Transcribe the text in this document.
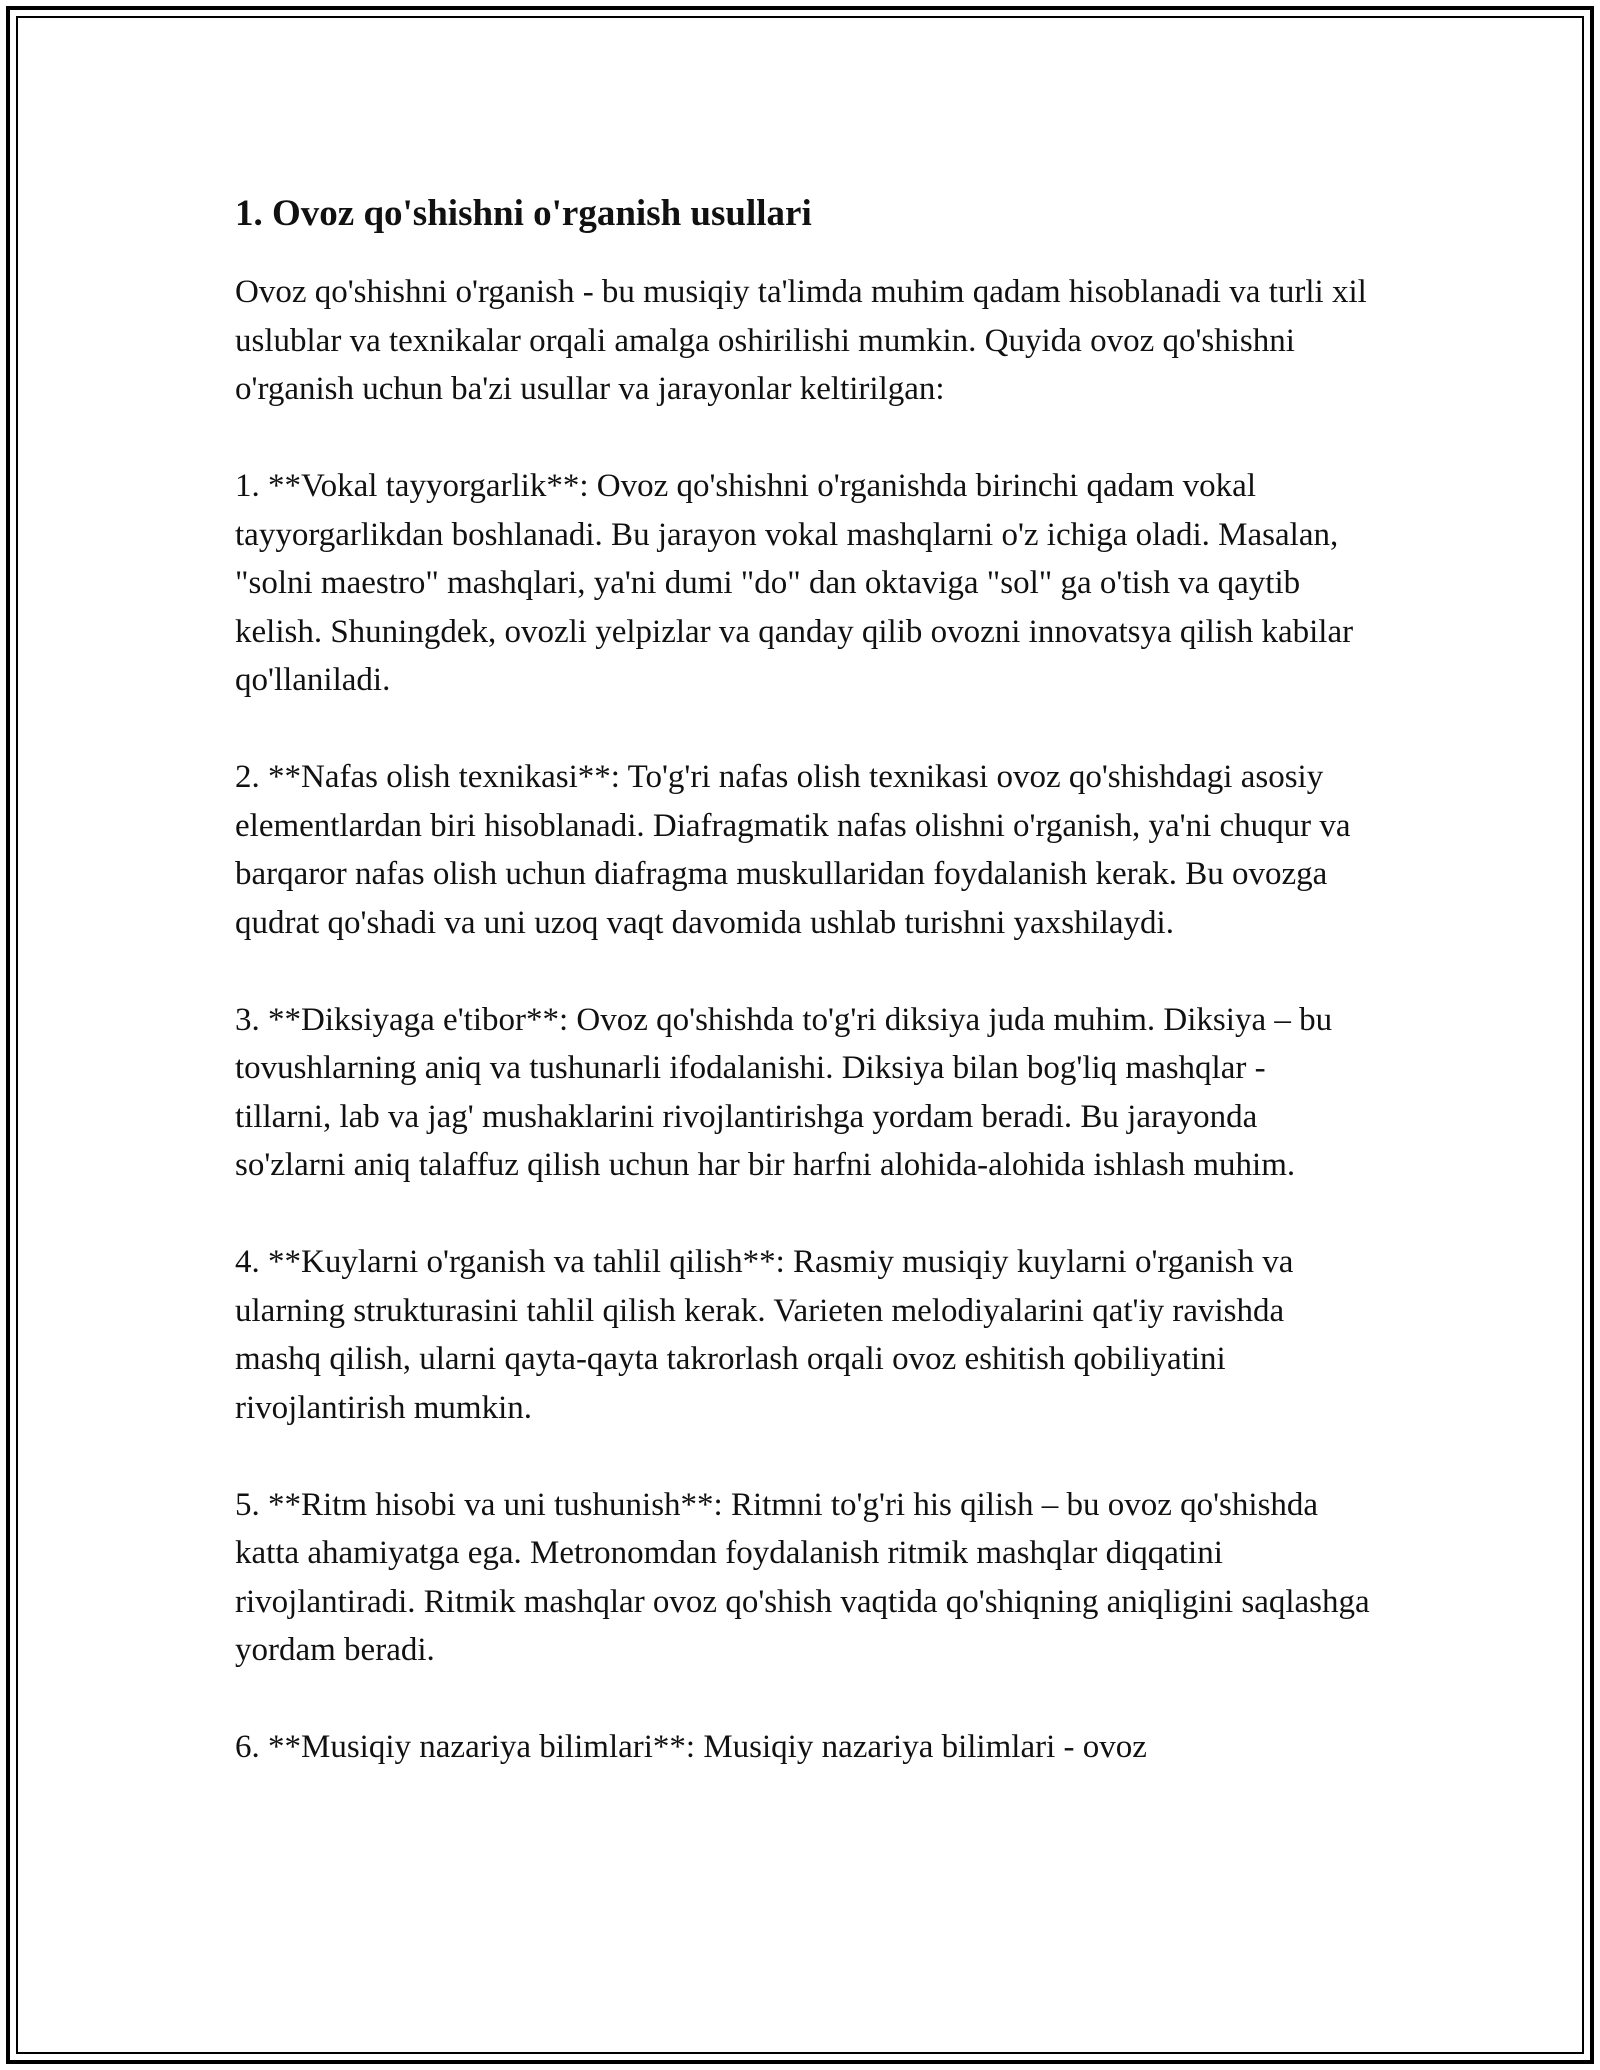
1. Ovoz qo'shishni o'rganish usullari

Ovoz qo'shishni o'rganish - bu musiqiy ta'limda muhim qadam hisoblanadi va turli xil uslublar va texnikalar orqali amalga oshirilishi mumkin. Quyida ovoz qo'shishni o'rganish uchun ba'zi usullar va jarayonlar keltirilgan:

1. **Vokal tayyorgarlik**: Ovoz qo'shishni o'rganishda birinchi qadam vokal tayyorgarlikdan boshlanadi. Bu jarayon vokal mashqlarni o'z ichiga oladi. Masalan, "solni maestro" mashqlari, ya'ni dumi "do" dan oktaviga "sol" ga o'tish va qaytib kelish. Shuningdek, ovozli yelpizlar va qanday qilib ovozni innovatsya qilish kabilar qo'llaniladi.

2. **Nafas olish texnikasi**: To'g'ri nafas olish texnikasi ovoz qo'shishdagi asosiy elementlardan biri hisoblanadi. Diafragmatik nafas olishni o'rganish, ya'ni chuqur va barqaror nafas olish uchun diafragma muskullaridan foydalanish kerak. Bu ovozga qudrat qo'shadi va uni uzoq vaqt davomida ushlab turishni yaxshilaydi.

3. **Diksiyaga e'tibor**: Ovoz qo'shishda to'g'ri diksiya juda muhim. Diksiya – bu tovushlarning aniq va tushunarli ifodalanishi. Diksiya bilan bog'liq mashqlar - tillarni, lab va jag' mushaklarini rivojlantirishga yordam beradi. Bu jarayonda so'zlarni aniq talaffuz qilish uchun har bir harfni alohida-alohida ishlash muhim.

4. **Kuylarni o'rganish va tahlil qilish**: Rasmiy musiqiy kuylarni o'rganish va ularning strukturasini tahlil qilish kerak. Varieten melodiyalarini qat'iy ravishda mashq qilish, ularni qayta-qayta takrorlash orqali ovoz eshitish qobiliyatini rivojlantirish mumkin.

5. **Ritm hisobi va uni tushunish**: Ritmni to'g'ri his qilish – bu ovoz qo'shishda katta ahamiyatga ega. Metronomdan foydalanish ritmik mashqlar diqqatini rivojlantiradi. Ritmik mashqlar ovoz qo'shish vaqtida qo'shiqning aniqligini saqlashga yordam beradi.

6. **Musiqiy nazariya bilimlari**: Musiqiy nazariya bilimlari - ovoz
